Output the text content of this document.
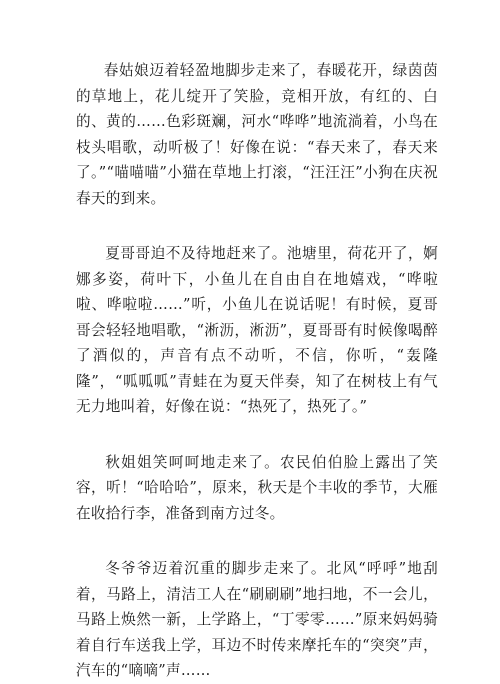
春姑娘迈着轻盈地脚步走来了，春暖花开，绿茵茵的草地上，花儿绽开了笑脸，竞相开放，有红的、白的、黄的……色彩斑斓，河水“哗哗”地流淌着，小鸟在枝头唱歌，动听极了！好像在说：“春天来了，春天来了。”“喵喵喵”小猫在草地上打滚，“汪汪汪”小狗在庆祝春天的到来。

夏哥哥迫不及待地赶来了。池塘里，荷花开了，婀娜多姿，荷叶下，小鱼儿在自由自在地嬉戏，“哗啦啦、哗啦啦……”听，小鱼儿在说话呢！有时候，夏哥哥会轻轻地唱歌，“淅沥，淅沥”，夏哥哥有时候像喝醉了酒似的，声音有点不动听，不信，你听，“轰隆隆”，“呱呱呱”青蛙在为夏天伴奏，知了在树枝上有气无力地叫着，好像在说：“热死了，热死了。”

秋姐姐笑呵呵地走来了。农民伯伯脸上露出了笑容，听！“哈哈哈”，原来，秋天是个丰收的季节，大雁在收拾行李，准备到南方过冬。

冬爷爷迈着沉重的脚步走来了。北风“呼呼”地刮着，马路上，清洁工人在“刷刷刷”地扫地，不一会儿，马路上焕然一新，上学路上，“丁零零……”原来妈妈骑着自行车送我上学，耳边不时传来摩托车的“突突”声，汽车的“嘀嘀”声……
